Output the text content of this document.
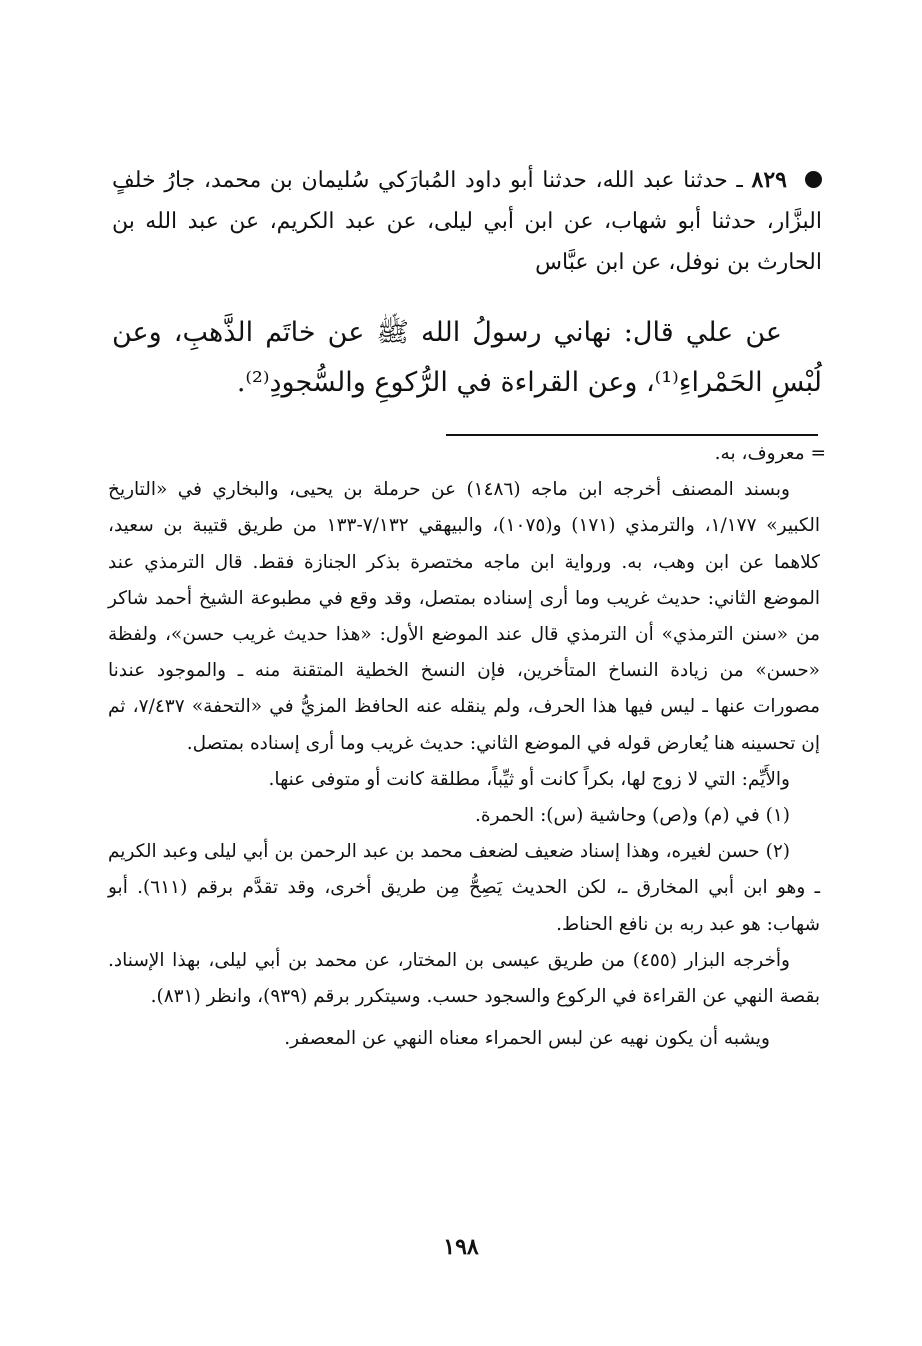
٨٢٩ ـ حدثنا عبد الله، حدثنا أبو داود المُبارَكي سُليمان بن محمد، جارُ خلفٍ البزَّار، حدثنا أبو شهاب، عن ابن أبي ليلى، عن عبد الكريم، عن عبد الله بن الحارث بن نوفل، عن ابن عبَّاس

عن علي قال: نهاني رسولُ الله ﷺ عن خاتَم الذَّهبِ، وعن لُبْسِ الحَمْراءِ⁽¹⁾، وعن القراءة في الرُّكوعِ والسُّجودِ⁽²⁾.

= معروف، به.

وبسند المصنف أخرجه ابن ماجه (١٤٨٦) عن حرملة بن يحيى، والبخاري في «التاريخ الكبير» ١/١٧٧، والترمذي (١٧١) و(١٠٧٥)، والبيهقي ٧/١٣٢-١٣٣ من طريق قتيبة بن سعيد، كلاهما عن ابن وهب، به. ورواية ابن ماجه مختصرة بذكر الجنازة فقط. قال الترمذي عند الموضع الثاني: حديث غريب وما أرى إسناده بمتصل، وقد وقع في مطبوعة الشيخ أحمد شاكر من «سنن الترمذي» أن الترمذي قال عند الموضع الأول: «هذا حديث غريب حسن»، ولفظة «حسن» من زيادة النساخ المتأخرين، فإن النسخ الخطية المتقنة منه ـ والموجود عندنا مصورات عنها ـ ليس فيها هذا الحرف، ولم ينقله عنه الحافظ المزيُّ في «التحفة» ٧/٤٣٧، ثم إن تحسينه هنا يُعارض قوله في الموضع الثاني: حديث غريب وما أرى إسناده بمتصل.

والأَيِّم: التي لا زوج لها، بكراً كانت أو ثيِّباً، مطلقة كانت أو متوفى عنها.

(١) في (م) و(ص) وحاشية (س): الحمرة.

(٢) حسن لغيره، وهذا إسناد ضعيف لضعف محمد بن عبد الرحمن بن أبي ليلى وعبد الكريم ـ وهو ابن أبي المخارق ـ، لكن الحديث يَصِحُّ مِن طريق أخرى، وقد تقدَّم برقم (٦١١). أبو شهاب: هو عبد ربه بن نافع الحناط.

وأخرجه البزار (٤٥٥) من طريق عيسى بن المختار، عن محمد بن أبي ليلى، بهذا الإسناد. بقصة النهي عن القراءة في الركوع والسجود حسب. وسيتكرر برقم (٩٣٩)، وانظر (٨٣١).

ويشبه أن يكون نهيه عن لبس الحمراء معناه النهي عن المعصفر.

١٩٨
